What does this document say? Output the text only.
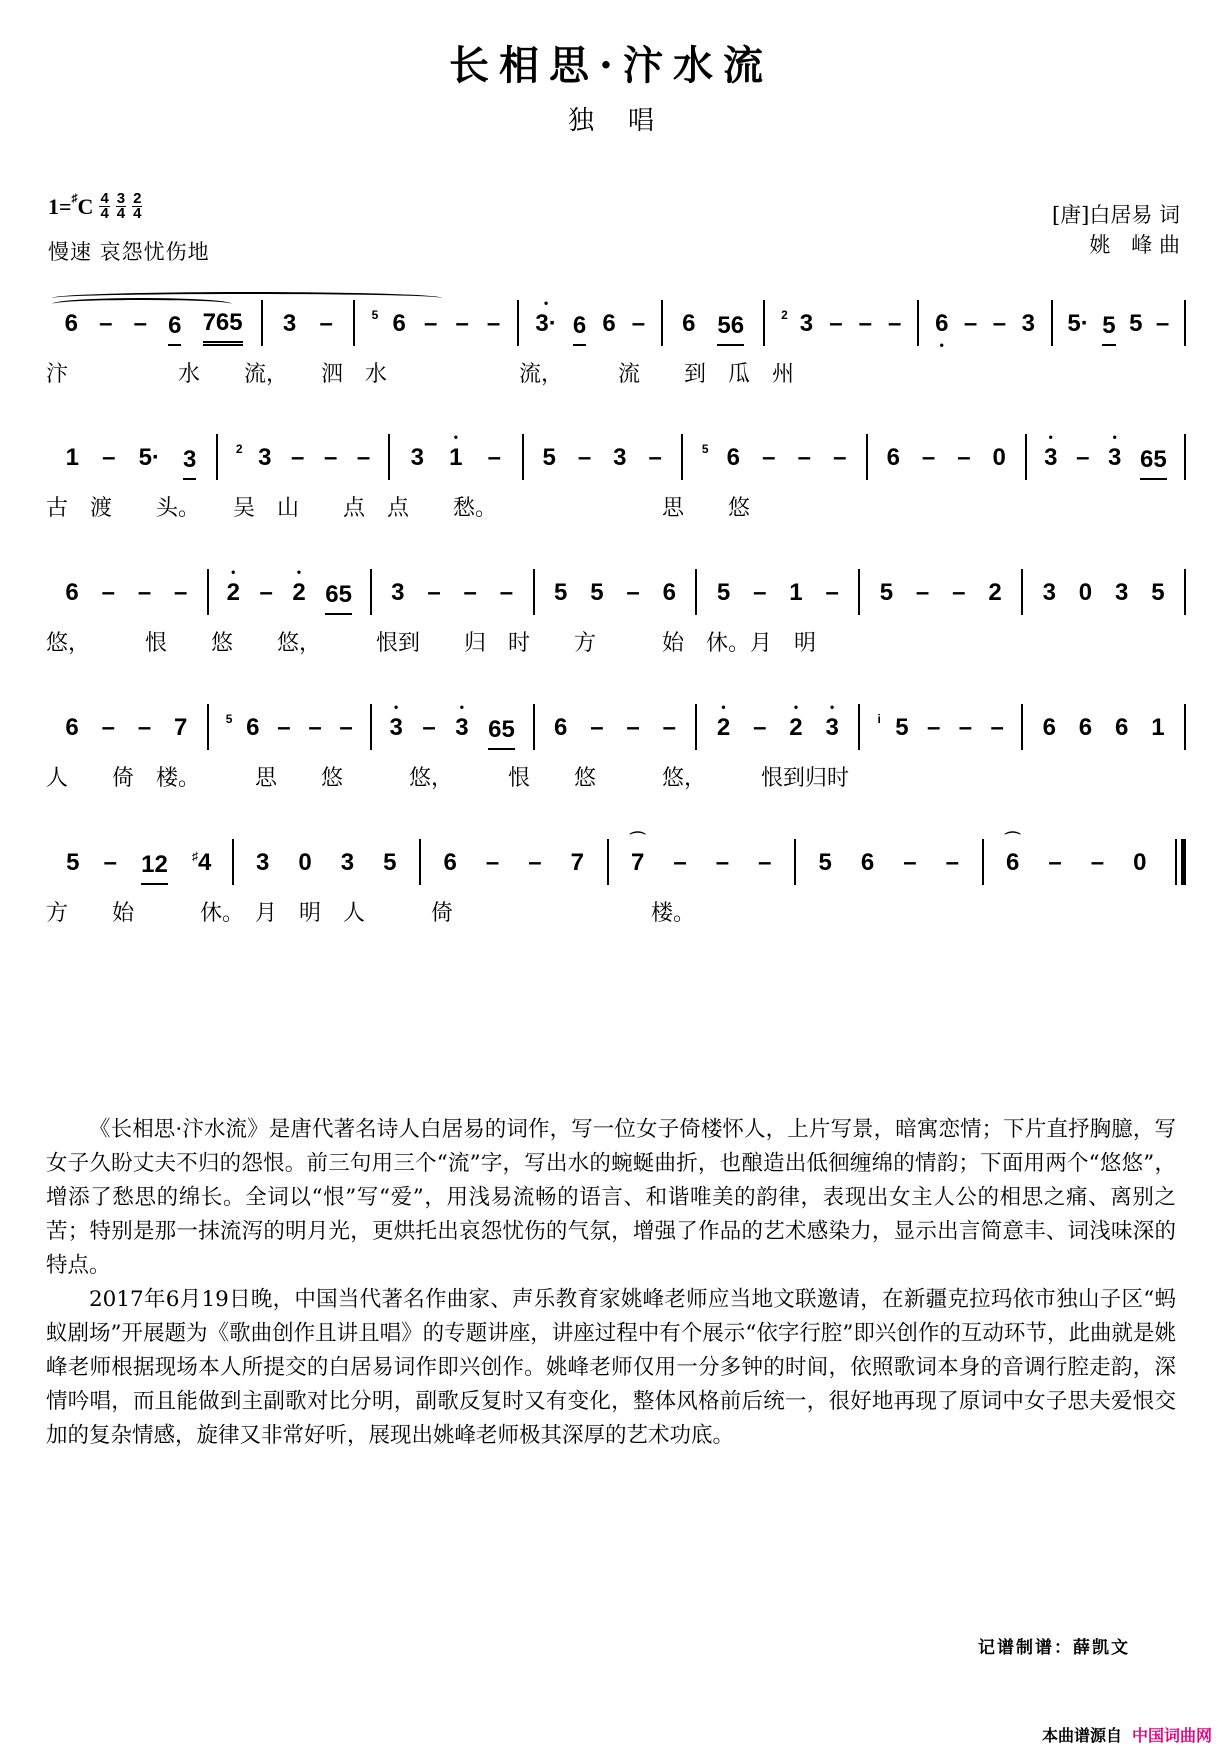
长相思·汴水流
独唱
1= ♯ C $\frac{4}{4} \frac{3}{4} \frac{2}{4}$
慢速 哀怨忧伤地
[唐]白居易 词
姚　峰 曲
6 – – 6 765 3 –	5 6 – – – • 3· 6 6 – 6 56	2 3 – – – 6 • – – 3 5· 5 5 –
汴　　　　　水　　流，　　泗　水　　　　　　流，　　　流　　到　瓜　州
1 – 5· 3	2 3 – – – 3 • 1 – 5 – 3 –	5 6 – – – 6 – – 0 • 3 – • 3 65
古　渡　　头。　　吴　山　　点　点　　愁。　　　　　　　　思　　悠
6 – – – • 2 – • 2 65 3 – – – 5 5 – 6 5 – 1 – 5 – – 2 3 0 3 5
悠，　　　恨　　悠　　悠，　　　恨到　　归　时　　方　　　始　休。月　明
6 – – 7	5 6 – – – • 3 – • 3 65 6 – – – • 2 – • 2 • 3	i 5 – – – 6 6 6 1
人　　倚　楼。　　　思　　悠　　　悠，　　　恨　　悠　　　悠，　　　恨到归时
5 – 12 ♯4 3 0 3 5 6 – – 7 ⌒ 7 – – – 5 6 – – ⌒ 6 – – 0
方　　始　　　休。　月　明　人　　　倚　　　　　　　　　楼。

《长相思·汴水流》是唐代著名诗人白居易的词作，写一位女子倚楼怀人，上片写景，暗寓恋情；下片直抒胸臆，写女子久盼丈夫不归的怨恨。前三句用三个“流”字，写出水的蜿蜒曲折，也酿造出低徊缠绵的情韵；下面用两个“悠悠”，增添了愁思的绵长。全词以“恨”写“爱”，用浅易流畅的语言、和谐唯美的韵律，表现出女主人公的相思之痛、离别之苦；特别是那一抹流泻的明月光，更烘托出哀怨忧伤的气氛，增强了作品的艺术感染力，显示出言简意丰、词浅味深的特点。

2017年6月19日晚，中国当代著名作曲家、声乐教育家姚峰老师应当地文联邀请，在新疆克拉玛依市独山子区“蚂蚁剧场”开展题为《歌曲创作且讲且唱》的专题讲座，讲座过程中有个展示“依字行腔”即兴创作的互动环节，此曲就是姚峰老师根据现场本人所提交的白居易词作即兴创作。姚峰老师仅用一分多钟的时间，依照歌词本身的音调行腔走韵，深情吟唱，而且能做到主副歌对比分明，副歌反复时又有变化，整体风格前后统一，很好地再现了原词中女子思夫爱恨交加的复杂情感，旋律又非常好听，展现出姚峰老师极其深厚的艺术功底。

记谱制谱：薛凯文
本曲谱源自 中国词曲网
